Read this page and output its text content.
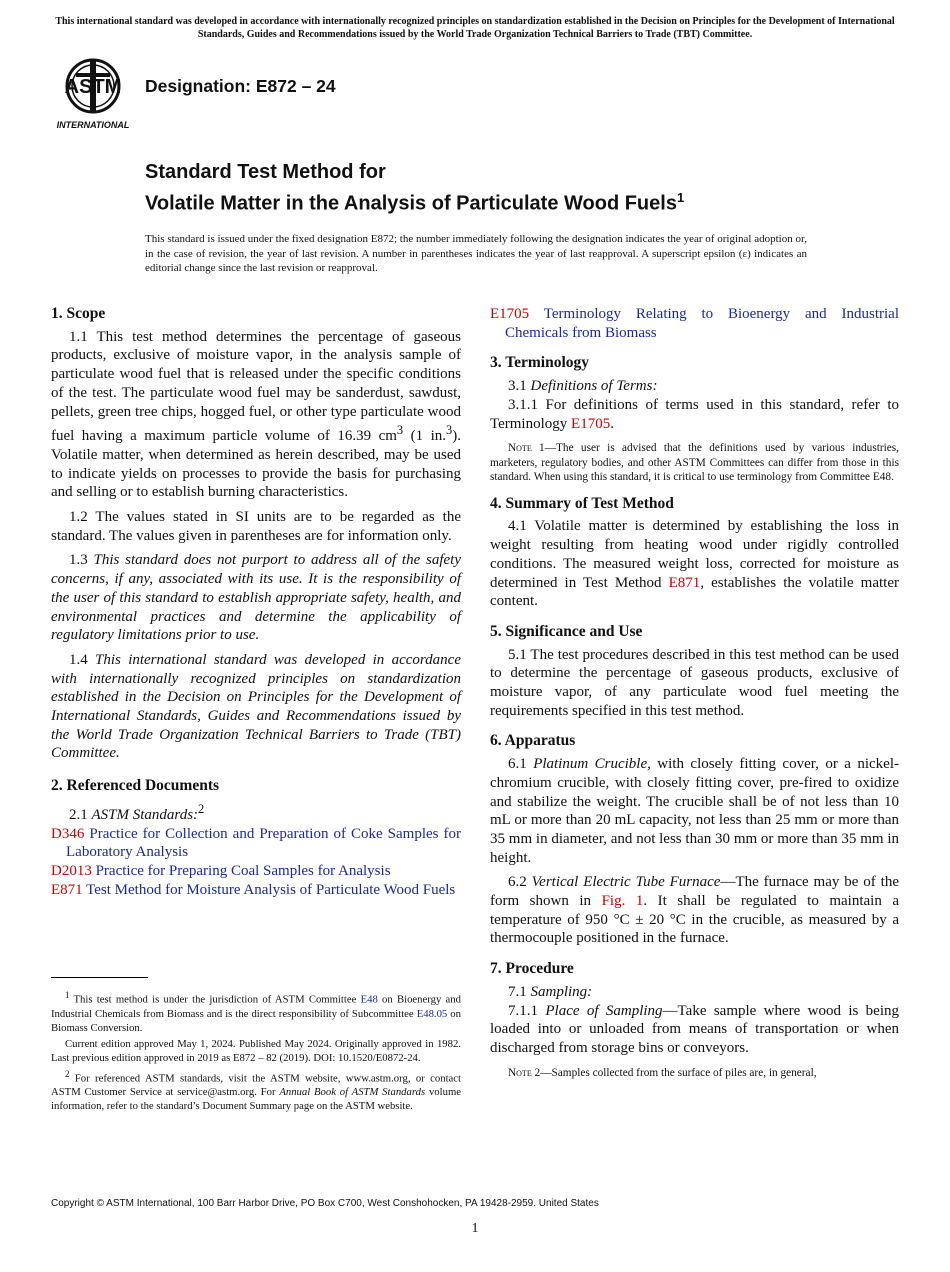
This international standard was developed in accordance with internationally recognized principles on standardization established in the Decision on Principles for the Development of International Standards, Guides and Recommendations issued by the World Trade Organization Technical Barriers to Trade (TBT) Committee.
ASTM
INTERNATIONAL
Designation: E872 – 24
Standard Test Method for
Volatile Matter in the Analysis of Particulate Wood Fuels$^1$
This standard is issued under the fixed designation E872; the number immediately following the designation indicates the year of original adoption or, in the case of revision, the year of last revision. A number in parentheses indicates the year of last reapproval. A superscript epsilon (ε) indicates an editorial change since the last revision or reapproval.
1. Scope

1.1 This test method determines the percentage of gaseous products, exclusive of moisture vapor, in the analysis sample of particulate wood fuel that is released under the specific conditions of the test. The particulate wood fuel may be sanderdust, sawdust, pellets, green tree chips, hogged fuel, or other type particulate wood fuel having a maximum particle volume of 16.39 $cm^3$ (1 in.$^3$). Volatile matter, when determined as herein described, may be used to indicate yields on processes to provide the basis for purchasing and selling or to establish burning characteristics.

1.2 The values stated in SI units are to be regarded as the standard. The values given in parentheses are for information only.

1.3 This standard does not purport to address all of the safety concerns, if any, associated with its use. It is the responsibility of the user of this standard to establish appropriate safety, health, and environmental practices and determine the applicability of regulatory limitations prior to use.

1.4 This international standard was developed in accordance with internationally recognized principles on standardization established in the Decision on Principles for the Development of International Standards, Guides and Recommendations issued by the World Trade Organization Technical Barriers to Trade (TBT) Committee.

2. Referenced Documents

2.1 ASTM Standards:$^2$

D346 Practice for Collection and Preparation of Coke Samples for Laboratory Analysis

D2013 Practice for Preparing Coal Samples for Analysis

E871 Test Method for Moisture Analysis of Particulate Wood Fuels

E1705 Terminology Relating to Bioenergy and Industrial Chemicals from Biomass

3. Terminology

3.1 Definitions of Terms:

3.1.1 For definitions of terms used in this standard, refer to Terminology E1705.

Note 1—The user is advised that the definitions used by various industries, marketers, regulatory bodies, and other ASTM Committees can differ from those in this standard. When using this standard, it is critical to use terminology from Committee E48.

4. Summary of Test Method

4.1 Volatile matter is determined by establishing the loss in weight resulting from heating wood under rigidly controlled conditions. The measured weight loss, corrected for moisture as determined in Test Method E871, establishes the volatile matter content.

5. Significance and Use

5.1 The test procedures described in this test method can be used to determine the percentage of gaseous products, exclusive of moisture vapor, of any particulate wood fuel meeting the requirements specified in this test method.

6. Apparatus

6.1 Platinum Crucible, with closely fitting cover, or a nickel-chromium crucible, with closely fitting cover, pre-fired to oxidize and stabilize the weight. The crucible shall be of not less than 10 mL or more than 20 mL capacity, not less than 25 mm or more than 35 mm in diameter, and not less than 30 mm or more than 35 mm in height.

6.2 Vertical Electric Tube Furnace—The furnace may be of the form shown in Fig. 1. It shall be regulated to maintain a temperature of 950 °C ± 20 °C in the crucible, as measured by a thermocouple positioned in the furnace.

7. Procedure

7.1 Sampling:

7.1.1 Place of Sampling—Take sample where wood is being loaded into or unloaded from means of transportation or when discharged from storage bins or conveyors.

Note 2—Samples collected from the surface of piles are, in general,

$^1$ This test method is under the jurisdiction of ASTM Committee E48 on Bioenergy and Industrial Chemicals from Biomass and is the direct responsibility of Subcommittee E48.05 on Biomass Conversion.

Current edition approved May 1, 2024. Published May 2024. Originally approved in 1982. Last previous edition approved in 2019 as E872 – 82 (2019). DOI: 10.1520/E0872-24.

$^2$ For referenced ASTM standards, visit the ASTM website, www.astm.org, or contact ASTM Customer Service at service@astm.org. For Annual Book of ASTM Standards volume information, refer to the standard’s Document Summary page on the ASTM website.

Copyright © ASTM International, 100 Barr Harbor Drive, PO Box C700, West Conshohocken, PA 19428-2959. United States
1
